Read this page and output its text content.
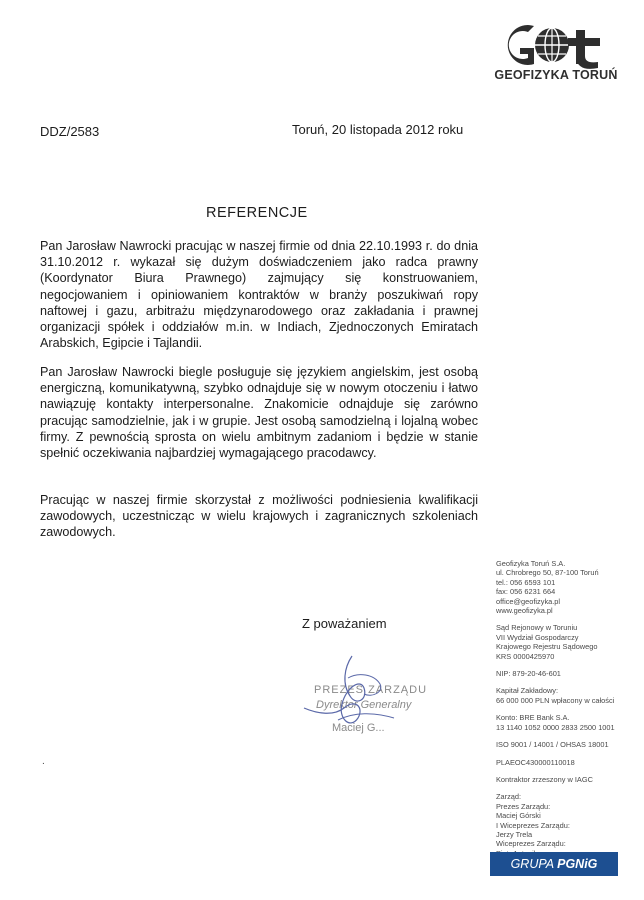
GEOFIZYKA TORUŃ
DDZ/2583	Toruń, 20 listopada 2012 roku
REFERENCJE

Pan Jarosław Nawrocki pracując w naszej firmie od dnia 22.10.1993 r. do dnia 31.10.2012 r. wykazał się dużym doświadczeniem jako radca prawny (Koordynator Biura Prawnego) zajmujący się konstruowaniem, negocjowaniem i opiniowaniem kontraktów w branży poszukiwań ropy naftowej i gazu, arbitrażu międzynarodowego oraz zakładania i prawnej organizacji spółek i oddziałów m.in. w Indiach, Zjednoczonych Emiratach Arabskich, Egipcie i Tajlandii.

Pan Jarosław Nawrocki biegle posługuje się językiem angielskim, jest osobą energiczną, komunikatywną, szybko odnajduje się w nowym otoczeniu i łatwo nawiązuję kontakty interpersonalne. Znakomicie odnajduje się zarówno pracując samodzielnie, jak i w grupie. Jest osobą samodzielną i lojalną wobec firmy. Z pewnością sprosta on wielu ambitnym zadaniom i będzie w stanie spełnić oczekiwania najbardziej wymagającego pracodawcy.

Pracując w naszej firmie skorzystał z możliwości podniesienia kwalifikacji zawodowych, uczestnicząc w wielu krajowych i zagranicznych szkoleniach zawodowych.

Z poważaniem
PREZES ZARZĄDU
Dyrektor Generalny
Maciej G...
.
Geofizyka Toruń S.A.
ul. Chrobrego 50, 87-100 Toruń
tel.: 056 6593 101
fax: 056 6231 664
office@geofizyka.pl
www.geofizyka.pl
Sąd Rejonowy w Toruniu
VII Wydział Gospodarczy
Krajowego Rejestru Sądowego
KRS 0000425970
NIP: 879-20-46-601
Kapitał Zakładowy:
66 000 000 PLN wpłacony w całości
Konto: BRE Bank S.A.
13 1140 1052 0000 2833 2500 1001
ISO 9001 / 14001 / OHSAS 18001
PLAEOC430000110018
Kontraktor zrzeszony w IAGC
Zarząd:
Prezes Zarządu:
Maciej Górski
I Wiceprezes Zarządu:
Jerzy Trela
Wiceprezes Zarządu:
GRUPA PGNiG
